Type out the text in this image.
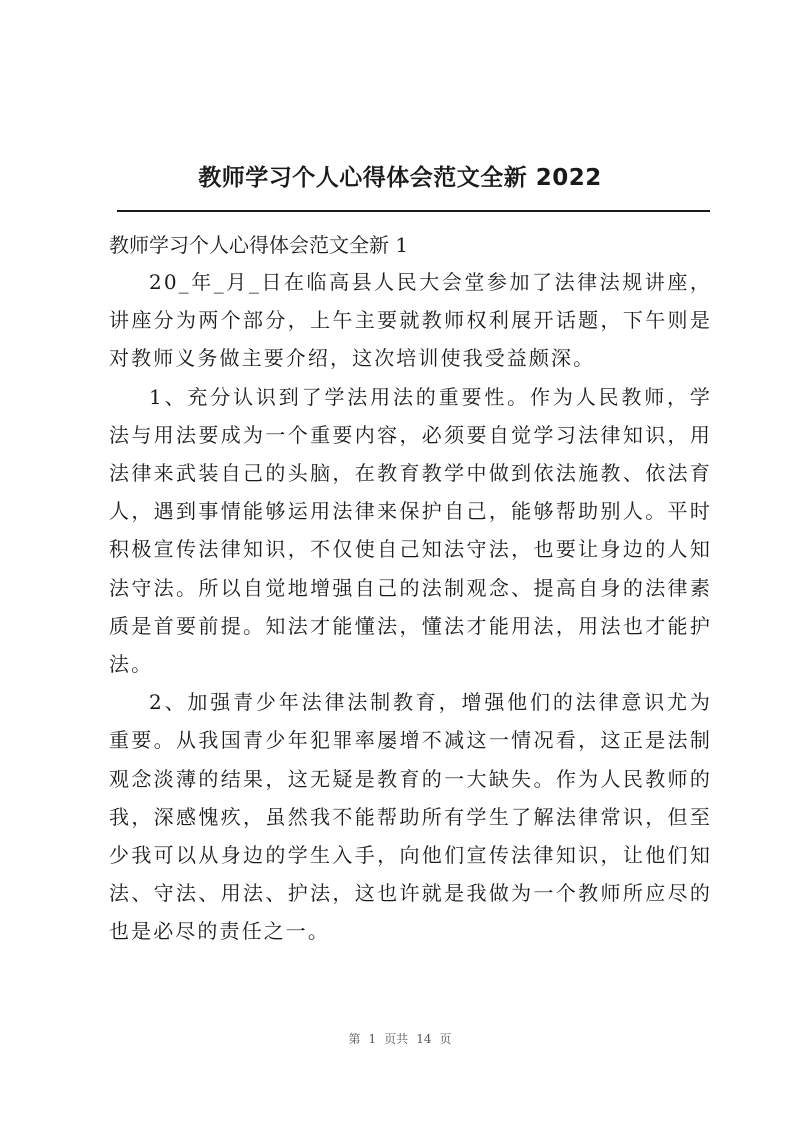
教师学习个人心得体会范文全新 2022

教师学习个人心得体会范文全新 1

20_年_月_日在临高县人民大会堂参加了法律法规讲座，讲座分为两个部分，上午主要就教师权利展开话题，下午则是对教师义务做主要介绍，这次培训使我受益颇深。

1、充分认识到了学法用法的重要性。作为人民教师，学法与用法要成为一个重要内容，必须要自觉学习法律知识，用法律来武装自己的头脑，在教育教学中做到依法施教、依法育人，遇到事情能够运用法律来保护自己，能够帮助别人。平时积极宣传法律知识，不仅使自己知法守法，也要让身边的人知法守法。所以自觉地增强自己的法制观念、提高自身的法律素质是首要前提。知法才能懂法，懂法才能用法，用法也才能护法。

2、加强青少年法律法制教育，增强他们的法律意识尤为重要。从我国青少年犯罪率屡增不减这一情况看，这正是法制观念淡薄的结果，这无疑是教育的一大缺失。作为人民教师的我，深感愧疚，虽然我不能帮助所有学生了解法律常识，但至少我可以从身边的学生入手，向他们宣传法律知识，让他们知法、守法、用法、护法，这也许就是我做为一个教师所应尽的也是必尽的责任之一。

第 1 页共 14 页
